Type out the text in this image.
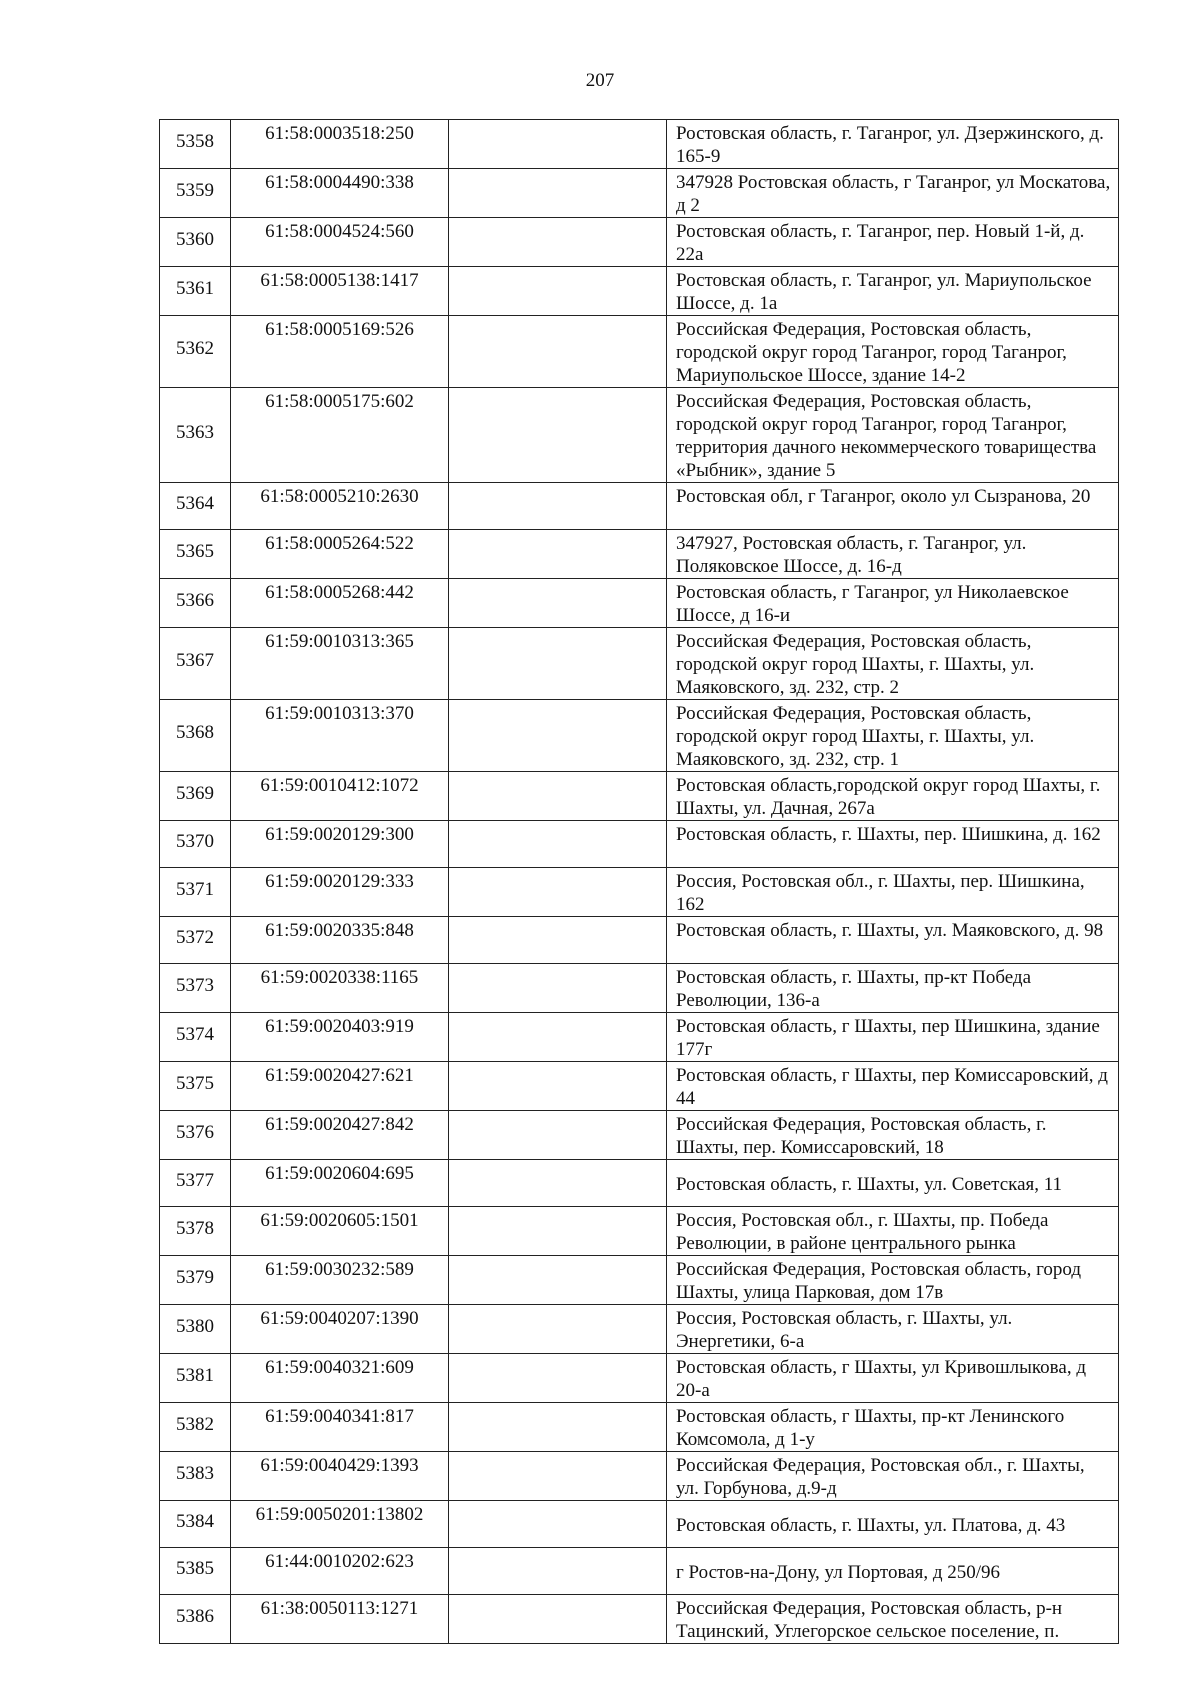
207
5358	61:58:0003518:250		Ростовская область, г. Таганрог, ул. Дзержинского, д. 165-9
5359	61:58:0004490:338		347928 Ростовская область, г Таганрог, ул Москатова, д 2
5360	61:58:0004524:560		Ростовская область, г. Таганрог, пер. Новый 1-й, д. 22а
5361	61:58:0005138:1417		Ростовская область, г. Таганрог, ул. Мариупольское Шоссе, д. 1а
5362	61:58:0005169:526		Российская Федерация, Ростовская область, городской округ город Таганрог, город Таганрог, Мариупольское Шоссе, здание 14-2
5363	61:58:0005175:602		Российская Федерация, Ростовская область, городской округ город Таганрог, город Таганрог, территория дачного некоммерческого товарищества «Рыбник», здание 5
5364	61:58:0005210:2630		Ростовская обл, г Таганрог, около ул Сызранова, 20
5365	61:58:0005264:522		347927, Ростовская область, г. Таганрог, ул. Поляковское Шоссе, д. 16-д
5366	61:58:0005268:442		Ростовская область, г Таганрог, ул Николаевское Шоссе, д 16-и
5367	61:59:0010313:365		Российская Федерация, Ростовская область, городской округ город Шахты, г. Шахты, ул. Маяковского, зд. 232, стр. 2
5368	61:59:0010313:370		Российская Федерация, Ростовская область, городской округ город Шахты, г. Шахты, ул. Маяковского, зд. 232, стр. 1
5369	61:59:0010412:1072		Ростовская область,городской округ город Шахты, г. Шахты, ул. Дачная, 267а
5370	61:59:0020129:300		Ростовская область, г. Шахты, пер. Шишкина, д. 162
5371	61:59:0020129:333		Россия, Ростовская обл., г. Шахты, пер. Шишкина, 162
5372	61:59:0020335:848		Ростовская область, г. Шахты, ул. Маяковского, д. 98
5373	61:59:0020338:1165		Ростовская область, г. Шахты, пр-кт Победа Революции, 136-а
5374	61:59:0020403:919		Ростовская область, г Шахты, пер Шишкина, здание 177г
5375	61:59:0020427:621		Ростовская область, г Шахты, пер Комиссаровский, д 44
5376	61:59:0020427:842		Российская Федерация, Ростовская область, г. Шахты, пер. Комиссаровский, 18
5377	61:59:0020604:695		Ростовская область, г. Шахты, ул. Советская, 11
5378	61:59:0020605:1501		Россия, Ростовская обл., г. Шахты, пр. Победа Революции, в районе центрального рынка
5379	61:59:0030232:589		Российская Федерация, Ростовская область, город Шахты, улица Парковая, дом 17в
5380	61:59:0040207:1390		Россия, Ростовская область, г. Шахты, ул. Энергетики, 6-а
5381	61:59:0040321:609		Ростовская область, г Шахты, ул Кривошлыкова, д 20-а
5382	61:59:0040341:817		Ростовская область, г Шахты, пр-кт Ленинского Комсомола, д 1-у
5383	61:59:0040429:1393		Российская Федерация, Ростовская обл., г. Шахты, ул. Горбунова, д.9-д
5384	61:59:0050201:13802		Ростовская область, г. Шахты, ул. Платова, д. 43
5385	61:44:0010202:623		г Ростов-на-Дону, ул Портовая, д 250/96
5386	61:38:0050113:1271		Российская Федерация, Ростовская область, р-н Тацинский, Углегорское сельское поселение, п.
